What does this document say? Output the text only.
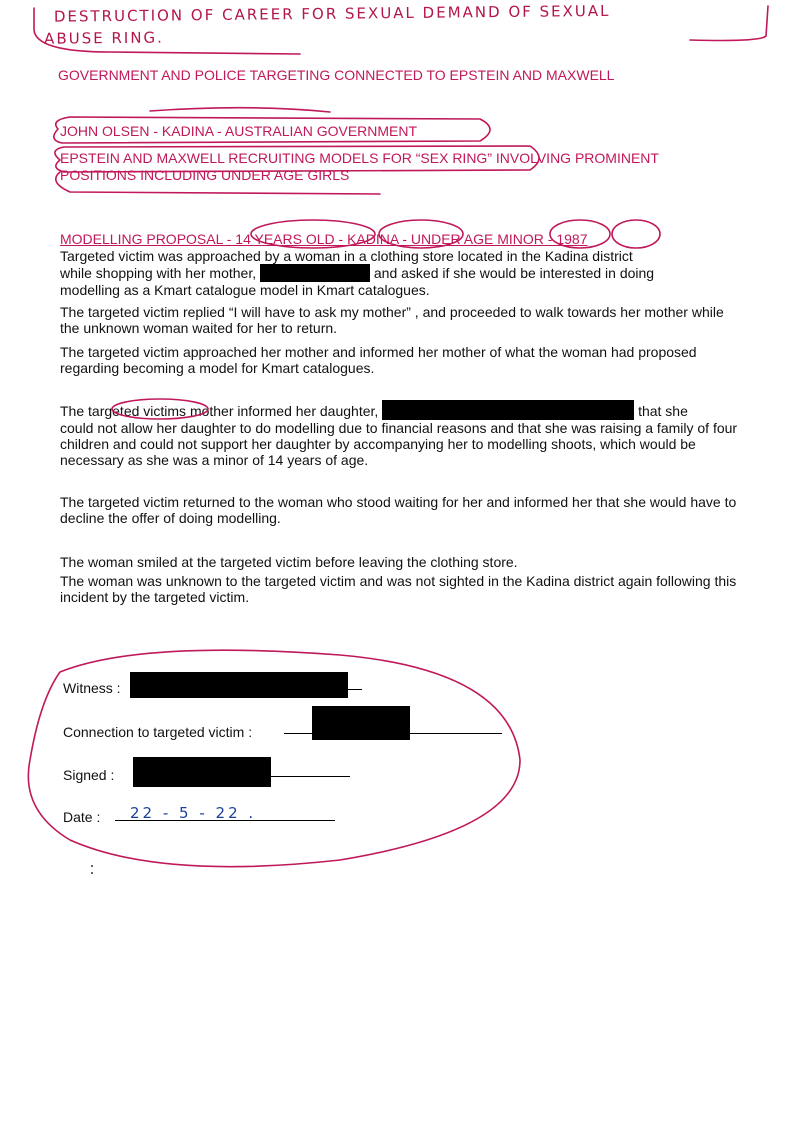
DESTRUCTION OF CAREER FOR SEXUAL DEMAND OF SEXUAL
ABUSE RING.
GOVERNMENT AND POLICE TARGETING CONNECTED TO EPSTEIN AND MAXWELL
JOHN OLSEN - KADINA - AUSTRALIAN GOVERNMENT
EPSTEIN AND MAXWELL RECRUITING MODELS FOR “SEX RING” INVOLVING PROMINENT
POSITIONS INCLUDING UNDER AGE GIRLS
MODELLING PROPOSAL - 14 YEARS OLD - KADINA - UNDER AGE MINOR - 1987
Targeted victim was approached by a woman in a clothing store located in the Kadina district
while shopping with her mother,	and asked if she would be interested in doing
modelling as a Kmart catalogue model in Kmart catalogues.
The targeted victim replied “I will have to ask my mother” , and proceeded to walk towards her mother while the unknown woman waited for her to return.
The targeted victim approached her mother and informed her mother of what the woman had proposed regarding becoming a model for Kmart catalogues.
The targeted victims mother informed her daughter,	that she
could not allow her daughter to do modelling due to financial reasons and that she was raising a family of four children and could not support her daughter by accompanying her to modelling shoots, which would be necessary as she was a minor of 14 years of age.
The targeted victim returned to the woman who stood waiting for her and informed her that she would have to decline the offer of doing modelling.
The woman smiled at the targeted victim before leaving the clothing store.
The woman was unknown to the targeted victim and was not sighted in the Kadina district again following this incident by the targeted victim.
Witness :
Connection to targeted victim :
Signed :
Date : 22 - 5 - 22 .
